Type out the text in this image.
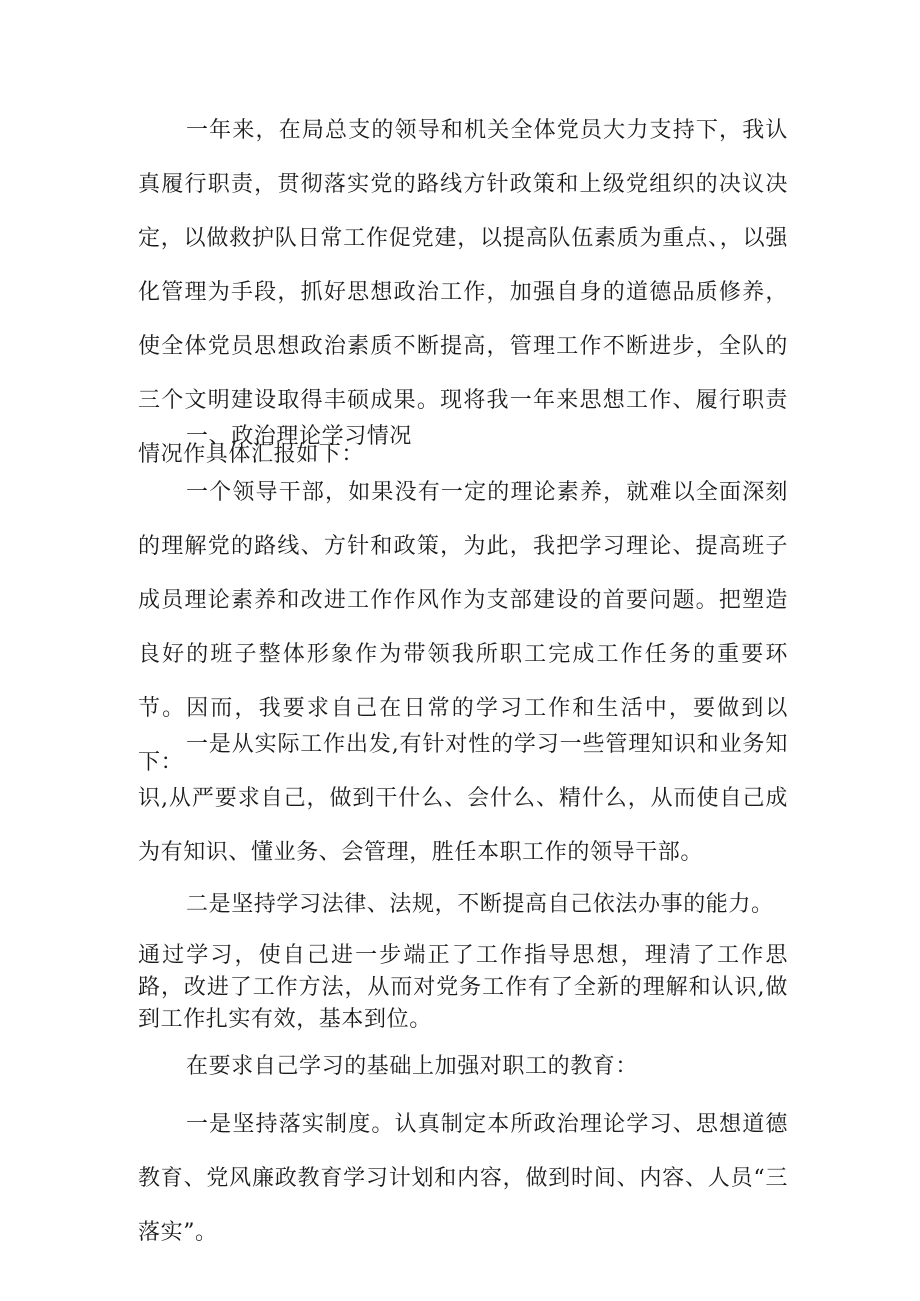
一年来，在局总支的领导和机关全体党员大力支持下，我认真履行职责，贯彻落实党的路线方针政策和上级党组织的决议决定，以做救护队日常工作促党建，以提高队伍素质为重点、，以强化管理为手段，抓好思想政治工作，加强自身的道德品质修养，使全体党员思想政治素质不断提高，管理工作不断进步，全队的三个文明建设取得丰硕成果。现将我一年来思想工作、履行职责情况作具体汇报如下：

一、政治理论学习情况

一个领导干部，如果没有一定的理论素养，就难以全面深刻的理解党的路线、方针和政策，为此，我把学习理论、提高班子成员理论素养和改进工作作风作为支部建设的首要问题。把塑造良好的班子整体形象作为带领我所职工完成工作任务的重要环节。因而，我要求自己在日常的学习工作和生活中，要做到以下：

一是从实际工作出发,有针对性的学习一些管理知识和业务知识,从严要求自己，做到干什么、会什么、精什么，从而使自己成为有知识、懂业务、会管理，胜任本职工作的领导干部。

二是坚持学习法律、法规，不断提高自己依法办事的能力。

通过学习，使自己进一步端正了工作指导思想，理清了工作思路，改进了工作方法，从而对党务工作有了全新的理解和认识,做到工作扎实有效，基本到位。

在要求自己学习的基础上加强对职工的教育：

一是坚持落实制度。认真制定本所政治理论学习、思想道德教育、党风廉政教育学习计划和内容，做到时间、内容、人员“三落实”。
